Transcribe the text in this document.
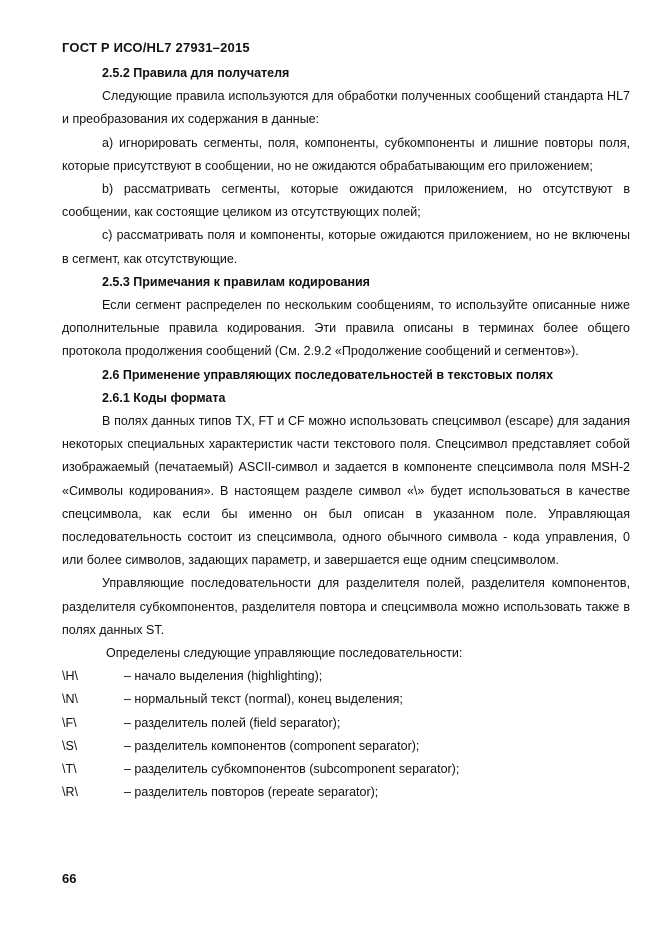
ГОСТ Р ИСО/HL7 27931–2015

2.5.2 Правила для получателя

Следующие правила используются для обработки полученных сообщений стандарта HL7 и преобразования их содержания в данные:

a) игнорировать сегменты, поля, компоненты, субкомпоненты и лишние повторы поля, которые присутствуют в сообщении, но не ожидаются обрабатывающим его приложением;

b) рассматривать сегменты, которые ожидаются приложением, но отсутствуют в сообщении, как состоящие целиком из отсутствующих полей;

c) рассматривать поля и компоненты, которые ожидаются приложением, но не включены в сегмент, как отсутствующие.

2.5.3 Примечания к правилам кодирования

Если сегмент распределен по нескольким сообщениям, то используйте описанные ниже дополнительные правила кодирования. Эти правила описаны в терминах более общего протокола продолжения сообщений (См. 2.9.2 «Продолжение сообщений и сегментов»).

2.6 Применение управляющих последовательностей в текстовых полях

2.6.1 Коды формата

В полях данных типов TX, FT и CF можно использовать спецсимвол (escape) для задания некоторых специальных характеристик части текстового поля. Спецсимвол представляет собой изображаемый (печатаемый) ASCII-символ и задается в компоненте спецсимвола поля MSH-2 «Символы кодирования». В настоящем разделе символ «\» будет использоваться в качестве спецсимвола, как если бы именно он был описан в указанном поле. Управляющая последовательность состоит из спецсимвола, одного обычного символа - кода управления, 0 или более символов, задающих параметр, и завершается еще одним спецсимволом.

Управляющие последовательности для разделителя полей, разделителя компонентов, разделителя субкомпонентов, разделителя повтора и спецсимвола можно использовать также в полях данных ST.

Определены следующие управляющие последовательности:

\H\	– начало выделения (highlighting);
\N\	– нормальный текст (normal), конец выделения;
\F\	– разделитель полей (field separator);
\S\	– разделитель компонентов (component separator);
\T\	– разделитель субкомпонентов (subcomponent separator);
\R\	– разделитель повторов (repeate separator);
66
